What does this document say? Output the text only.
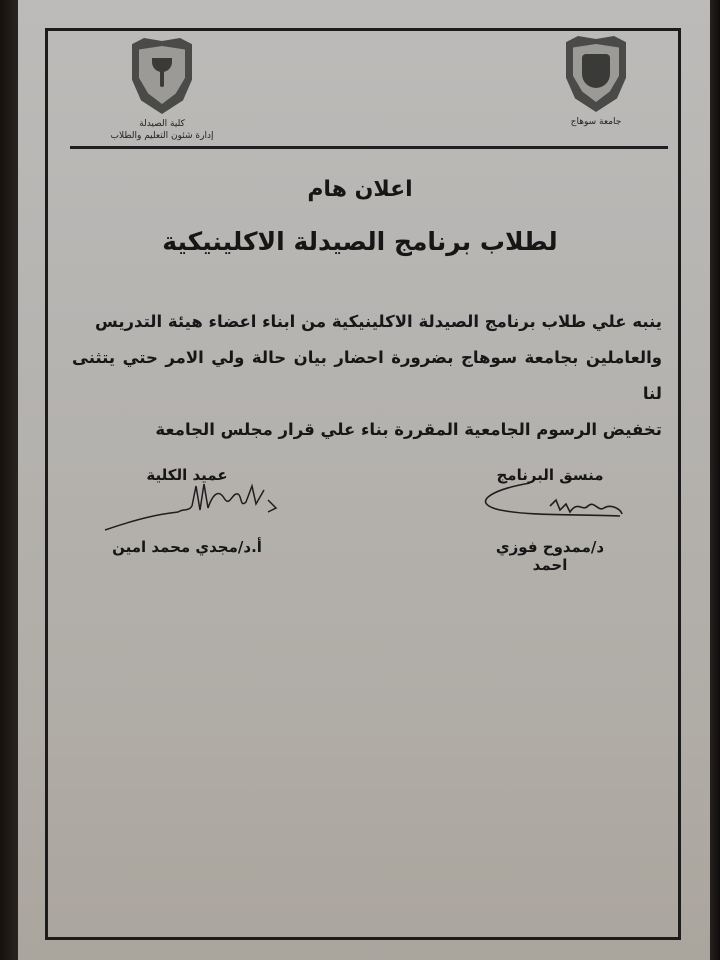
كلية الصيدلة
إدارة شئون التعليم والطلاب
جامعة سوهاج
اعلان هام
لطلاب برنامج الصيدلة الاكلينيكية
ينبه علي طلاب برنامج الصيدلة الاكلينيكية من ابناء اعضاء هيئة التدريس
والعاملين بجامعة سوهاج بضرورة احضار بيان حالة ولي الامر حتي يتثنى لنا
تخفيض الرسوم الجامعية المقررة بناء علي قرار مجلس الجامعة
منسق البرنامج
د/ممدوح فوزي احمد
عميد الكلية
أ.د/مجدي محمد امين
